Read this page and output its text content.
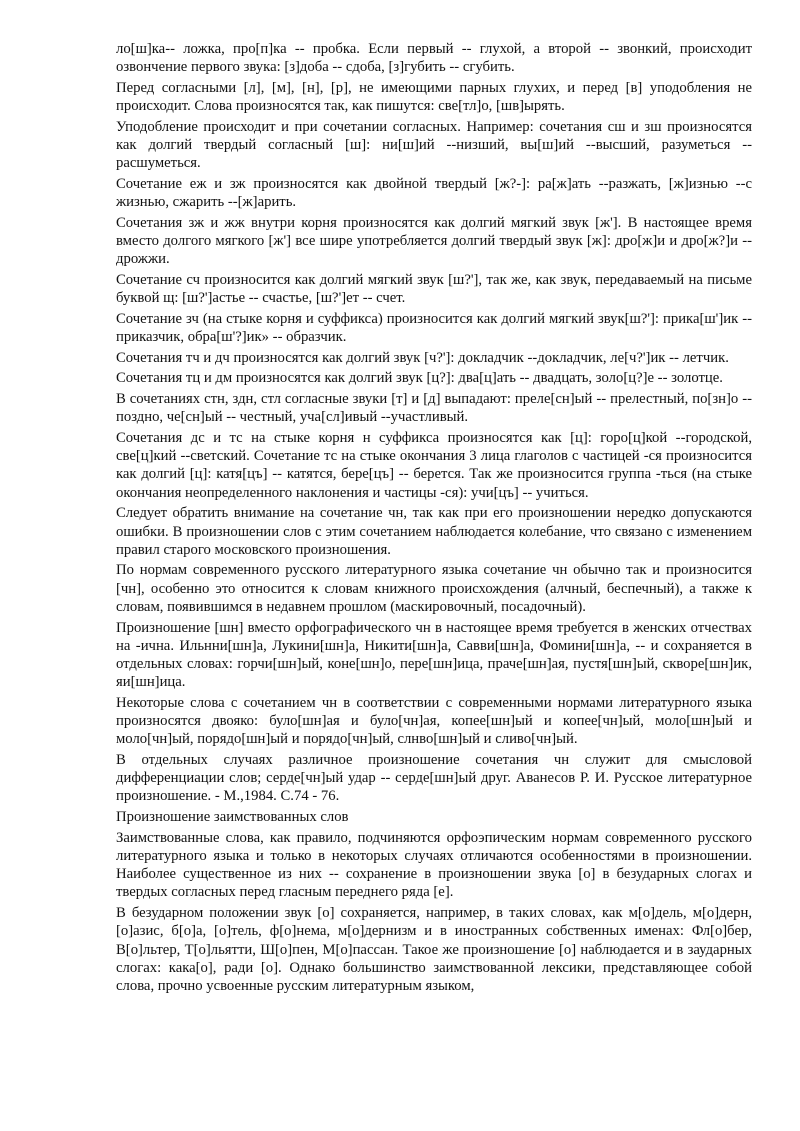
ло[ш]ка-- ложка, про[п]ка -- пробка. Если первый -- глухой, а второй -- звонкий, происходит озвончение первого звука: [з]доба -- сдоба, [з]губить -- сгубить.

Перед согласными [л], [м], [н], [р], не имеющими парных глухих, и перед [в] уподобления не происходит. Слова произносятся так, как пишутся: све[тл]о, [шв]ырять.

Уподобление происходит и при сочетании согласных. Например: сочетания сш и зш произносятся как долгий твердый согласный [ш]: ни[ш]ий --низший, вы[ш]ий --высший, разуметься --расшуметься.

Сочетание еж и зж произносятся как двойной твердый [ж?-]: ра[ж]ать --разжать, [ж]изнью --с жизнью, сжарить --[ж]арить.

Сочетания зж и жж внутри корня произносятся как долгий мягкий звук [ж']. В настоящее время вместо долгого мягкого [ж'] все шире употребляется долгий твердый звук [ж]: дро[ж]и и дро[ж?]и -- дрожжи.

Сочетание сч произносится как долгий мягкий звук [ш?'], так же, как звук, передаваемый на письме буквой щ: [ш?']астье -- счастье, [ш?']ет -- счет.

Сочетание зч (на стыке корня и суффикса) произносится как долгий мягкий звук[ш?']: прика[ш']ик --приказчик, обра[ш'?]ик» -- образчик.

Сочетания тч и дч произносятся как долгий звук [ч?']: докладчик --докладчик, ле[ч?']ик -- летчик.

Сочетания тц и дм произносятся как долгий звук [ц?]: два[ц]ать -- двадцать, золо[ц?]е -- золотце.

В сочетаниях стн, здн, стл согласные звуки [т] и [д] выпадают: преле[сн]ый -- прелестный, по[зн]о -- поздно, че[сн]ый -- честный, уча[сл]ивый --участливый.

Сочетания дс и тс на стыке корня н суффикса произносятся как [ц]: горо[ц]кой --городской, све[ц]кий --светский. Сочетание тс на стыке окончания 3 лица глаголов с частицей -ся произносится как долгий [ц]: катя[цъ] -- катятся, бере[цъ] -- берется. Так же произносится группа -ться (на стыке окончания неопределенного наклонения и частицы -ся): учи[цъ] -- учиться.

Следует обратить внимание на сочетание чн, так как при его произношении нередко допускаются ошибки. В произношении слов с этим сочетанием наблюдается колебание, что связано с изменением правил старого московского произношения.

По нормам современного русского литературного языка сочетание чн обычно так и произносится [чн], особенно это относится к словам книжного происхождения (алчный, беспечный), а также к словам, появившимся в недавнем прошлом (маскировочный, посадочный).

Произношение [шн] вместо орфографического чн в настоящее время требуется в женских отчествах на -ична. Ильнни[шн]а, Лукини[шн]а, Никити[шн]а, Савви[шн]а, Фомини[шн]а, -- и сохраняется в отдельных словах: горчи[шн]ый, коне[шн]о, пере[шн]ица, праче[шн]ая, пустя[шн]ый, скворе[шн]ик, яи[шн]ица.

Некоторые слова с сочетанием чн в соответствии с современными нормами литературного языка произносятся двояко: було[шн]ая и було[чн]ая, копее[шн]ый и копее[чн]ый, моло[шн]ый и моло[чн]ый, порядо[шн]ый и порядо[чн]ый, слнво[шн]ый и сливо[чн]ый.

В отдельных случаях различное произношение сочетания чн служит для смысловой дифференциации слов; серде[чн]ый удар -- серде[шн]ый друг. Аванесов Р. И. Русское литературное произношение. - М.,1984. С.74 - 76.

Произношение заимствованных слов

Заимствованные слова, как правило, подчиняются орфоэпическим нормам современного русского литературного языка и только в некоторых случаях отличаются особенностями в произношении. Наиболее существенное из них -- сохранение в произношении звука [о] в безударных слогах и твердых согласных перед гласным переднего ряда [е].

В безударном положении звук [о] сохраняется, например, в таких словах, как м[о]дель, м[о]дерн, [о]азис, б[о]а, [о]тель, ф[о]нема, м[о]дернизм и в иностранных собственных именах: Фл[о]бер, В[о]льтер, Т[о]льятти, Ш[о]пен, М[о]пассан. Такое же произношение [о] наблюдается и в заударных слогах: кака[о], ради [о]. Однако большинство заимствованной лексики, представляющее собой слова, прочно усвоенные русским литературным языком,
